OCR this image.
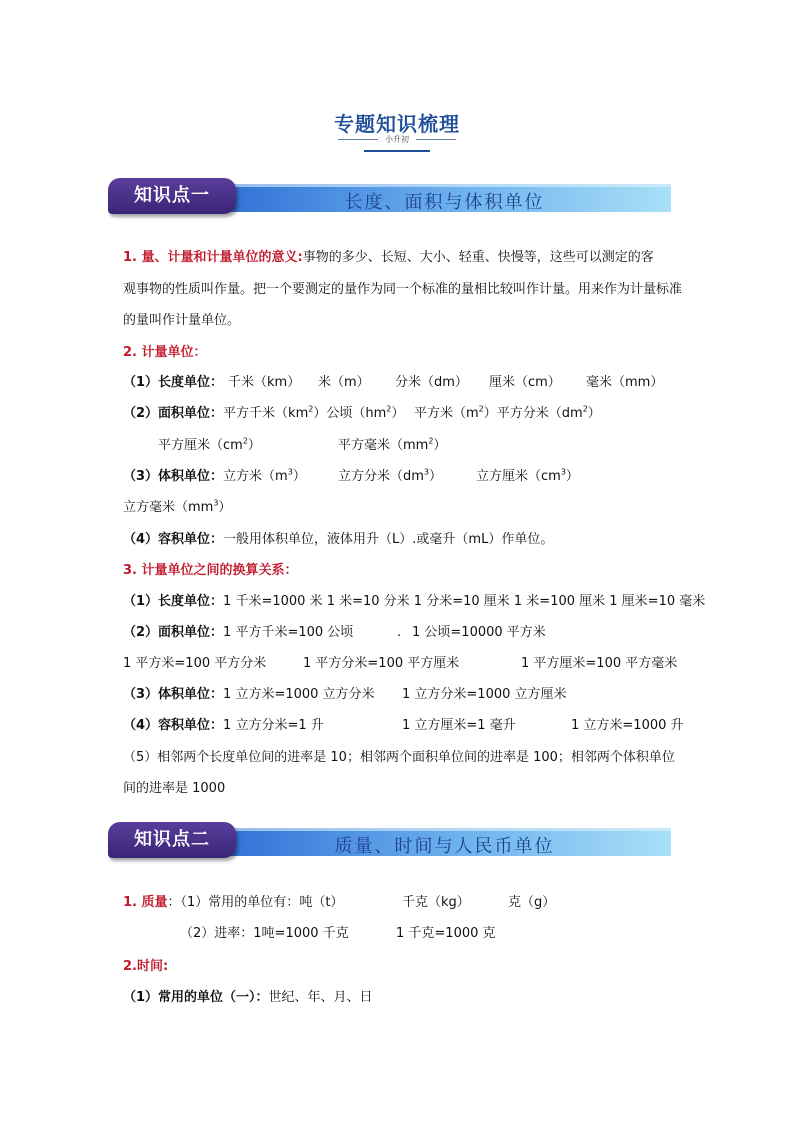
专题知识梳理
小升初
长度、面积与体积单位
知识点一
1. 量、计量和计量单位的意义:事物的多少、长短、大小、轻重、快慢等，这些可以测定的客
观事物的性质叫作量。把一个要测定的量作为同一个标准的量相比较叫作计量。用来作为计量标准
的量叫作计量单位。
2. 计量单位：
（1）长度单位： 千米（km） 米（m） 分米（dm） 厘米（cm） 毫米（mm）
（2）面积单位：平方千米$(km^2)$公顷$(hm^2)$ 平方米$(m^2)$平方分米$(dm^2)$
平方厘米$(cm^2)$	平方毫米$(mm^2)$
（3）体积单位：立方米$(m^3)$ 立方分米$(dm^3)$	立方厘米$(cm^3)$
立方毫米$(mm^3)$
（4）容积单位：一般用体积单位，液体用升（L）.或毫升（mL）作单位。
3. 计量单位之间的换算关系：
（1）长度单位：1 千米=1000 米 1 米=10 分米 1 分米=10 厘米 1 米=100 厘米 1 厘米=10 毫米
（2）面积单位：1 平方千米=100 公顷	. 1 公顷=10000 平方米
1 平方米=100 平方分米	1 平方分米=100 平方厘米	1 平方厘米=100 平方毫米
（3）体积单位：1 立方米=1000 立方分米 1 立方分米=1000 立方厘米
（4）容积单位：1 立方分米=1 升	1 立方厘米=1 毫升	1 立方米=1000 升
（5）相邻两个长度单位间的进率是 10；相邻两个面积单位间的进率是 100；相邻两个体积单位
间的进率是 1000
质量、时间与人民币单位
知识点二
1. 质量：（1）常用的单位有：吨（t）	千克（kg）	克（g）
（2）进率：1吨=1000 千克	1 千克=1000 克
2.时间:
（1）常用的单位（一）：世纪、年、月、日
